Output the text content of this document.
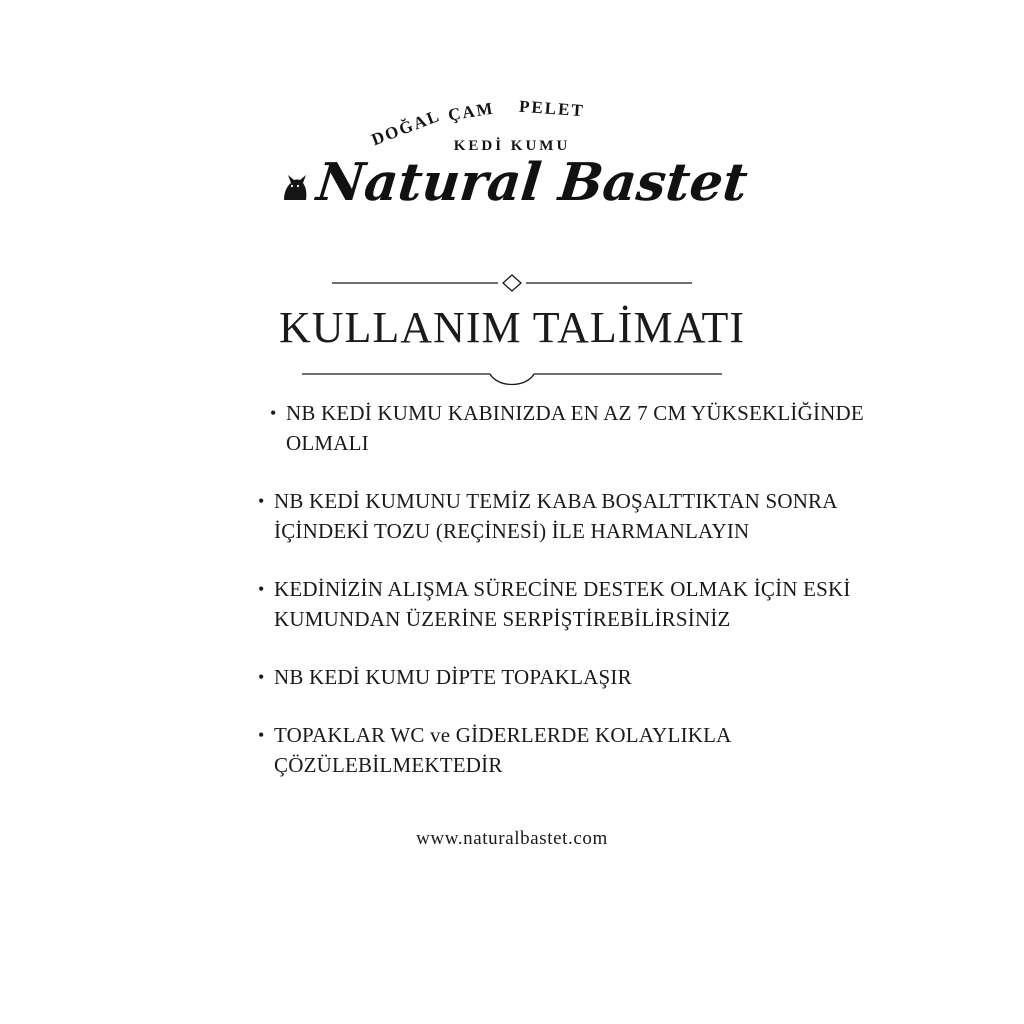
DOĞAL ÇAM PELET
KEDİ KUMU
Natural Bastet
KULLANIM TALİMATI
• NB KEDİ KUMU KABINIZDA EN AZ 7 CM YÜKSEKLİĞİNDE OLMALI
• NB KEDİ KUMUNU TEMİZ KABA BOŞALTTIKTAN SONRA İÇİNDEKİ TOZU (REÇİNESİ) İLE HARMANLAYIN
• KEDİNİZİN ALIŞMA SÜRECİNE DESTEK OLMAK İÇİN ESKİ KUMUNDAN ÜZERİNE SERPİŞTİREBİLİRSİNİZ
• NB KEDİ KUMU DİPTE TOPAKLAŞIR
• TOPAKLAR WC ve GİDERLERDE KOLAYLIKLA ÇÖZÜLEBİLMEKTEDİR
www.naturalbastet.com
